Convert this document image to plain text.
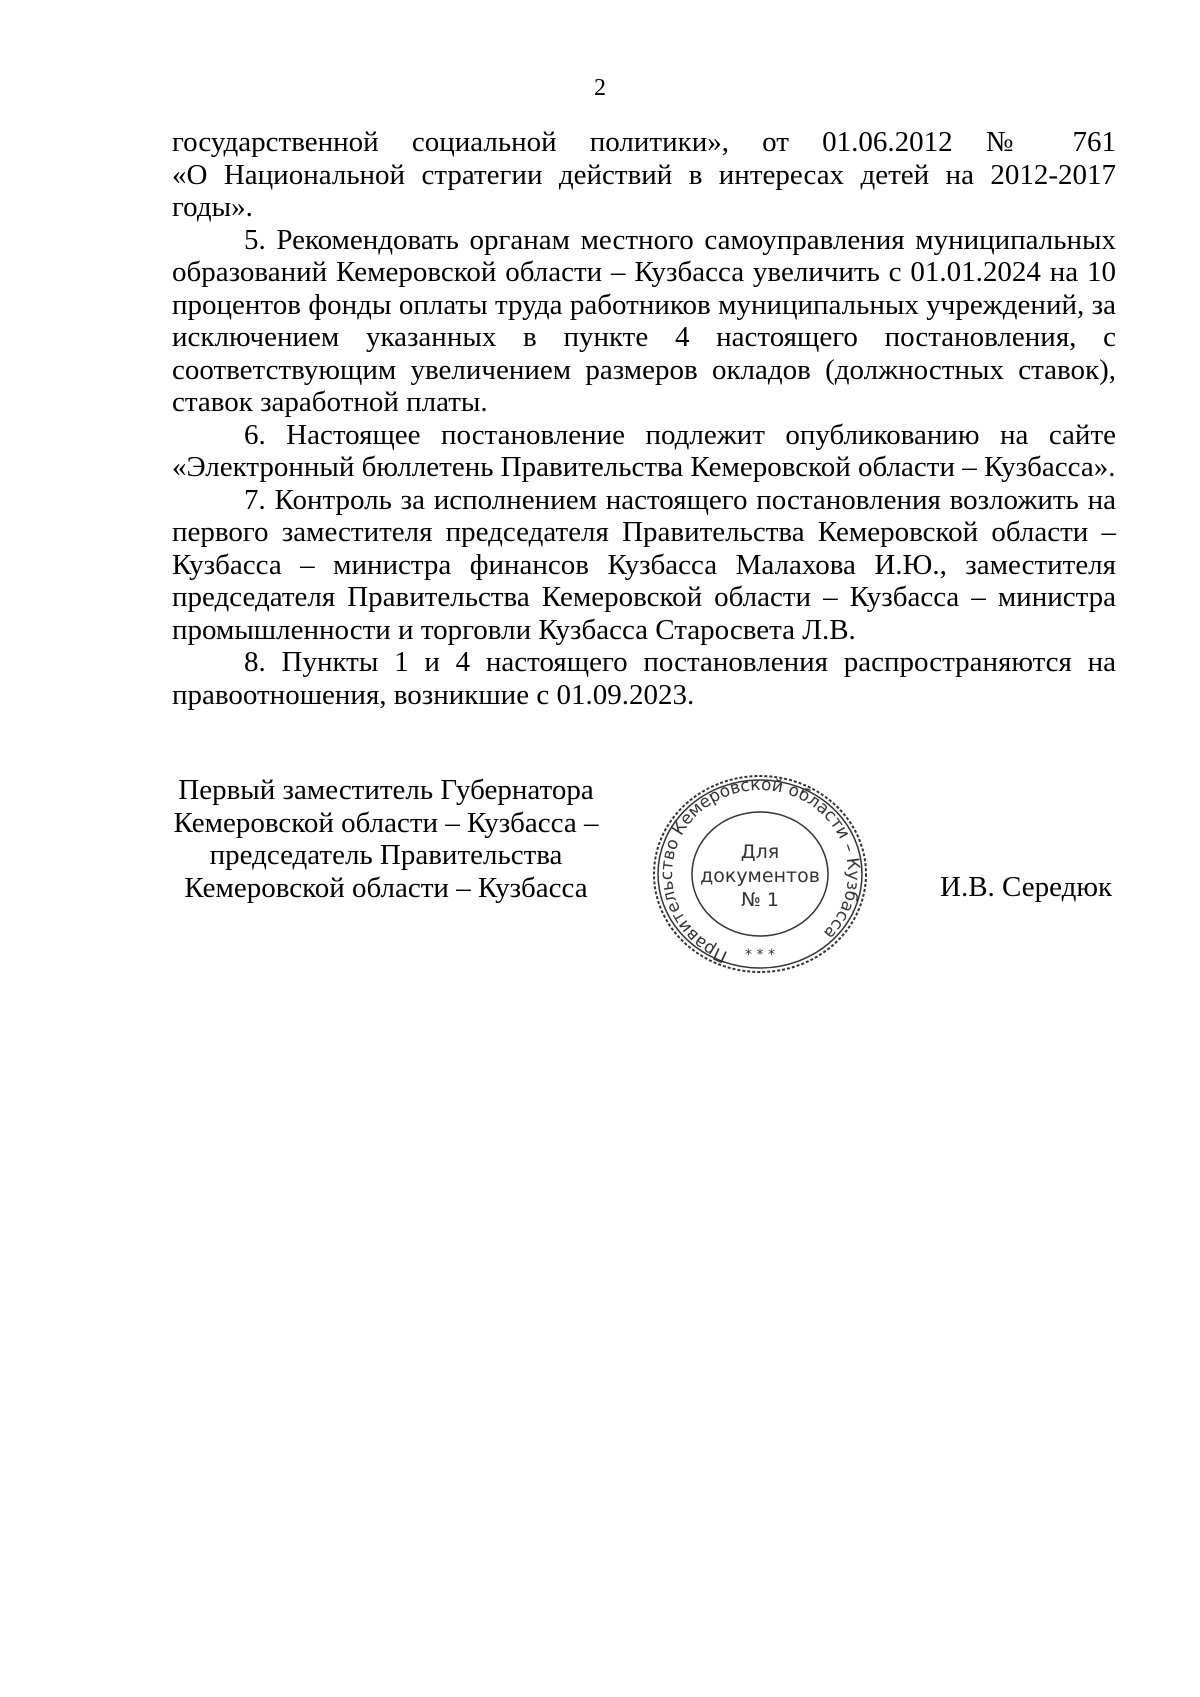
2

государственной социальной политики», от 01.06.2012 № 761

«О Национальной стратегии действий в интересах детей на 2012-2017 годы».

5. Рекомендовать органам местного самоуправления муниципальных образований Кемеровской области – Кузбасса увеличить с 01.01.2024 на 10 процентов фонды оплаты труда работников муниципальных учреждений, за исключением указанных в пункте 4 настоящего постановления, с соответствующим увеличением размеров окладов (должностных ставок), ставок заработной платы.

6. Настоящее постановление подлежит опубликованию на сайте «Электронный бюллетень Правительства Кемеровской области – Кузбасса».

7. Контроль за исполнением настоящего постановления возложить на первого заместителя председателя Правительства Кемеровской области – Кузбасса – министра финансов Кузбасса Малахова И.Ю., заместителя председателя Правительства Кемеровской области – Кузбасса – министра промышленности и торговли Кузбасса Старосвета Л.В.

8. Пункты 1 и 4 настоящего постановления распространяются на правоотношения, возникшие с 01.09.2023.

Первый заместитель Губернатора
Кемеровской области – Кузбасса –
председатель Правительства
Кемеровской области – Кузбасса
Правительство Кемеровской области – Кузбасса
* * *
Для
документов
№ 1	И.В. Середюк
